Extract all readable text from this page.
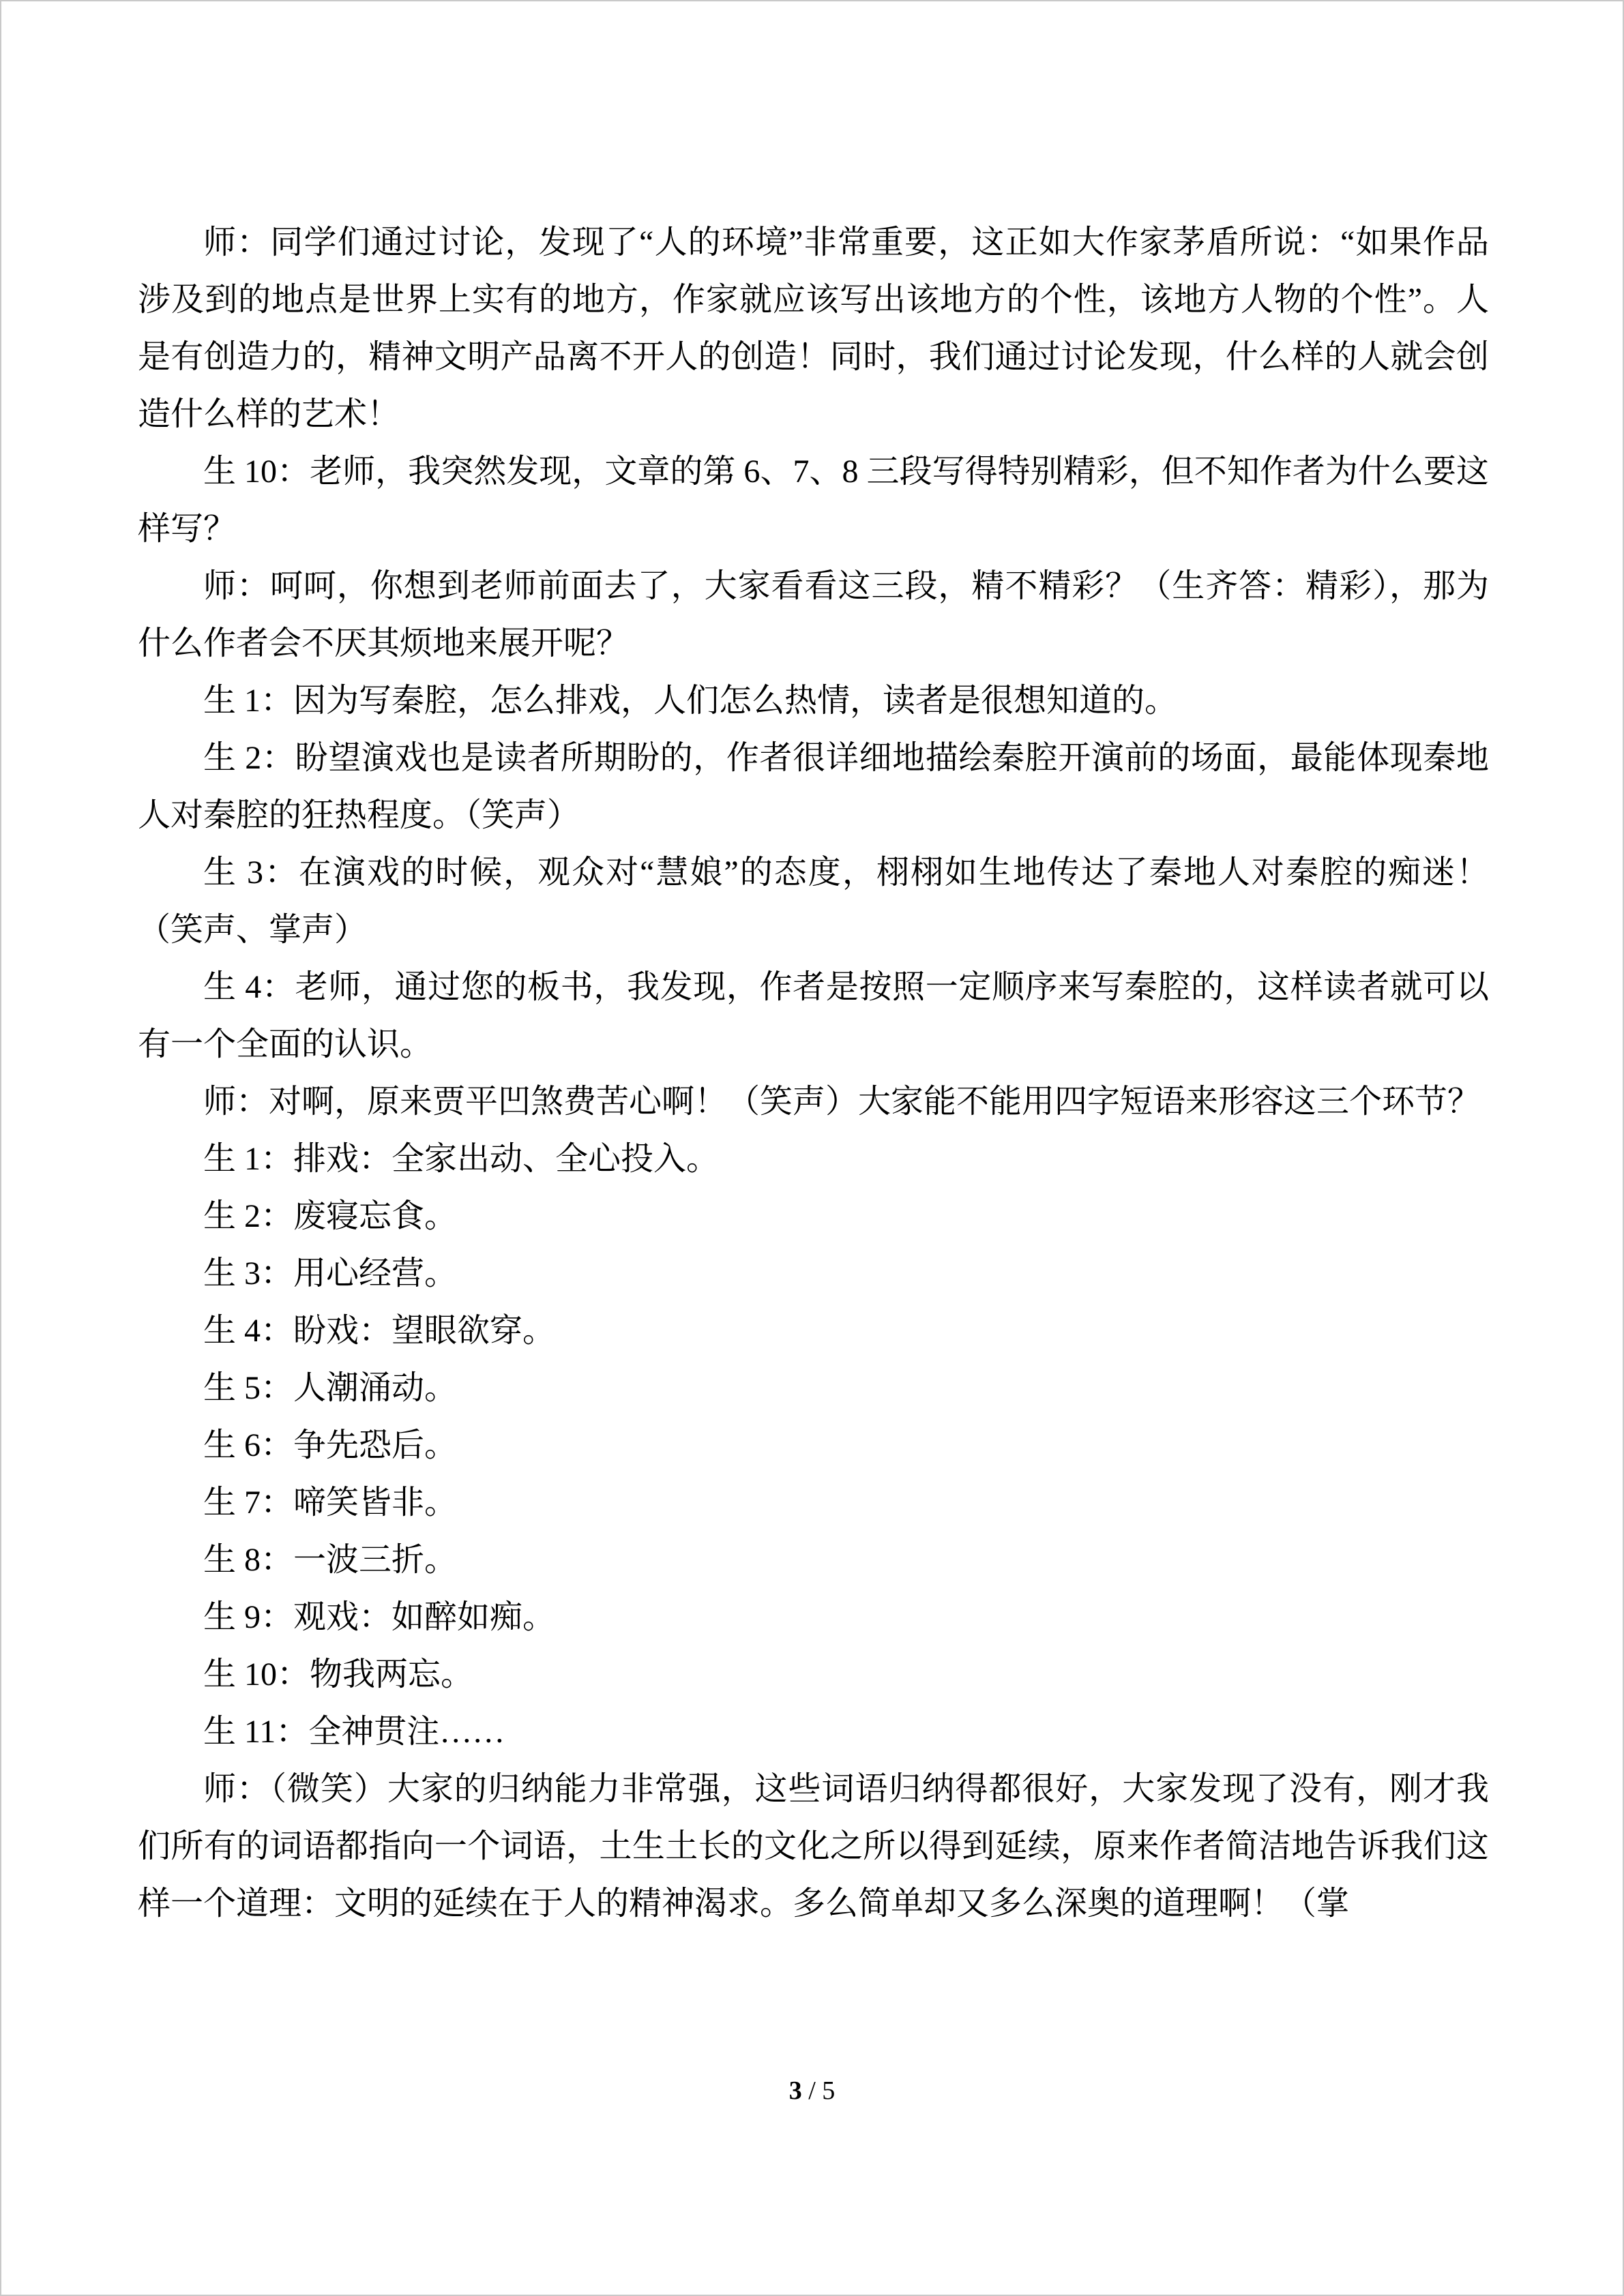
师：同学们通过讨论，发现了“人的环境”非常重要，这正如大作家茅盾所说：“如果作品涉及到的地点是世界上实有的地方，作家就应该写出该地方的个性，该地方人物的个性”。人是有创造力的，精神文明产品离不开人的创造！同时，我们通过讨论发现，什么样的人就会创造什么样的艺术！

生 10：老师，我突然发现，文章的第 6、7、8 三段写得特别精彩，但不知作者为什么要这样写？

师：呵呵，你想到老师前面去了，大家看看这三段，精不精彩？（生齐答：精彩），那为什么作者会不厌其烦地来展开呢？

生 1：因为写秦腔，怎么排戏，人们怎么热情，读者是很想知道的。

生 2：盼望演戏也是读者所期盼的，作者很详细地描绘秦腔开演前的场面，最能体现秦地人对秦腔的狂热程度。（笑声）

生 3：在演戏的时候，观众对“慧娘”的态度，栩栩如生地传达了秦地人对秦腔的痴迷！（笑声、掌声）

生 4：老师，通过您的板书，我发现，作者是按照一定顺序来写秦腔的，这样读者就可以有一个全面的认识。

师：对啊，原来贾平凹煞费苦心啊！（笑声）大家能不能用四字短语来形容这三个环节？

生 1：排戏：全家出动、全心投入。

生 2：废寝忘食。

生 3：用心经营。

生 4：盼戏：望眼欲穿。

生 5：人潮涌动。

生 6：争先恐后。

生 7：啼笑皆非。

生 8：一波三折。

生 9：观戏：如醉如痴。

生 10：物我两忘。

生 11：全神贯注……

师：（微笑）大家的归纳能力非常强，这些词语归纳得都很好，大家发现了没有，刚才我们所有的词语都指向一个词语，土生土长的文化之所以得到延续，原来作者简洁地告诉我们这样一个道理：文明的延续在于人的精神渴求。多么简单却又多么深奥的道理啊！（掌

3 / 5
